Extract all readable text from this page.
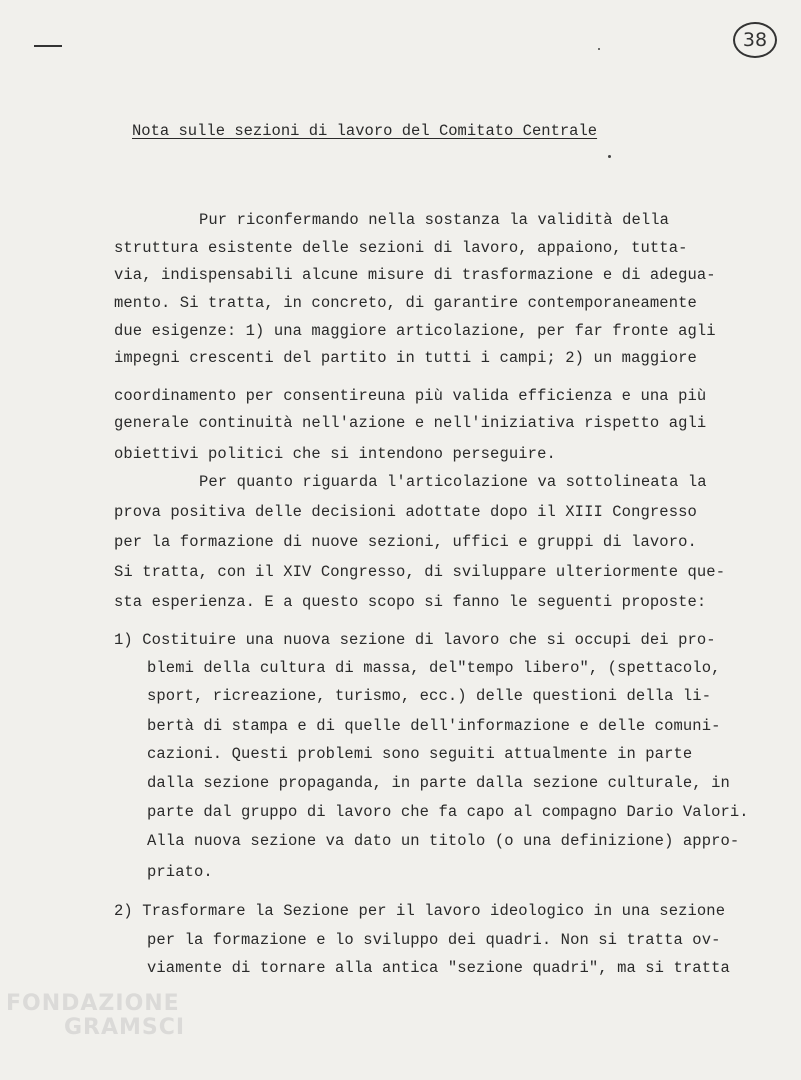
38
Nota sulle sezioni di lavoro del Comitato Centrale
Pur riconfermando nella sostanza la validità della
struttura esistente delle sezioni di lavoro, appaiono, tutta-
via, indispensabili alcune misure di trasformazione e di adegua-
mento. Si tratta, in concreto, di garantire contemporaneamente
due esigenze: 1) una maggiore articolazione, per far fronte agli
impegni crescenti del partito in tutti i campi; 2) un maggiore
coordinamento per consentireuna più valida efficienza e una più
generale continuità nell'azione e nell'iniziativa rispetto agli
obiettivi politici che si intendono perseguire.
Per quanto riguarda l'articolazione va sottolineata la
prova positiva delle decisioni adottate dopo il XIII Congresso
per la formazione di nuove sezioni, uffici e gruppi di lavoro.
Si tratta, con il XIV Congresso, di sviluppare ulteriormente que-
sta esperienza. E a questo scopo si fanno le seguenti proposte:
1) Costituire una nuova sezione di lavoro che si occupi dei pro-
blemi della cultura di massa, del"tempo libero", (spettacolo,
sport, ricreazione, turismo, ecc.) delle questioni della li-
bertà di stampa e di quelle dell'informazione e delle comuni-
cazioni. Questi problemi sono seguiti attualmente in parte
dalla sezione propaganda, in parte dalla sezione culturale, in
parte dal gruppo di lavoro che fa capo al compagno Dario Valori.
Alla nuova sezione va dato un titolo (o una definizione) appro-
priato.
2) Trasformare la Sezione per il lavoro ideologico in una sezione
per la formazione e lo sviluppo dei quadri. Non si tratta ov-
viamente di tornare alla antica "sezione quadri", ma si tratta
FONDAZIONE
GRAMSCI
